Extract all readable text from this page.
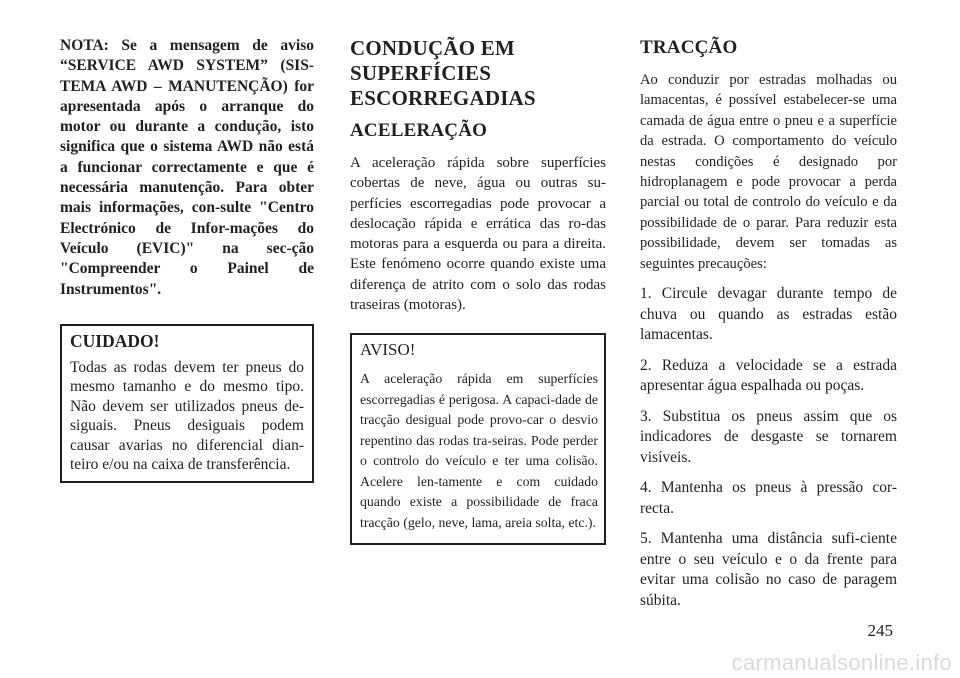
NOTA: Se a mensagem de aviso “SERVICE AWD SYSTEM” (SIS-TEMA AWD – MANUTENÇÃO) for apresentada após o arranque do motor ou durante a condução, isto significa que o sistema AWD não está a funcionar correctamente e que é necessária manutenção. Para obter mais informações, con-sulte "Centro Electrónico de Infor-mações do Veículo (EVIC)" na sec-ção "Compreender o Painel de Instrumentos".

CUIDADO!

Todas as rodas devem ter pneus do mesmo tamanho e do mesmo tipo. Não devem ser utilizados pneus de-siguais. Pneus desiguais podem causar avarias no diferencial dian-teiro e/ou na caixa de transferência.

CONDUÇÃO EM SUPERFÍCIES ESCORREGADIAS
ACELERAÇÃO

A aceleração rápida sobre superfícies cobertas de neve, água ou outras su-perfícies escorregadias pode provocar a deslocação rápida e errática das ro-das motoras para a esquerda ou para a direita. Este fenómeno ocorre quando existe uma diferença de atrito com o solo das rodas traseiras (motoras).

AVISO!

A aceleração rápida em superfícies escorregadias é perigosa. A capaci-dade de tracção desigual pode provo-car o desvio repentino das rodas tra-seiras. Pode perder o controlo do veículo e ter uma colisão. Acelere len-tamente e com cuidado quando existe a possibilidade de fraca tracção (gelo, neve, lama, areia solta, etc.).

TRACÇÃO

Ao conduzir por estradas molhadas ou lamacentas, é possível estabelecer-se uma camada de água entre o pneu e a superfície da estrada. O comportamento do veículo nestas condições é designado por hidroplanagem e pode provocar a perda parcial ou total de controlo do veículo e da possibilidade de o parar. Para reduzir esta possibilidade, devem ser tomadas as seguintes precauções:

1. Circule devagar durante tempo de chuva ou quando as estradas estão lamacentas.

2. Reduza a velocidade se a estrada apresentar água espalhada ou poças.

3. Substitua os pneus assim que os indicadores de desgaste se tornarem visíveis.

4. Mantenha os pneus à pressão cor-recta.

5. Mantenha uma distância sufi-ciente entre o seu veículo e o da frente para evitar uma colisão no caso de paragem súbita.

245

carmanualsonline.info
